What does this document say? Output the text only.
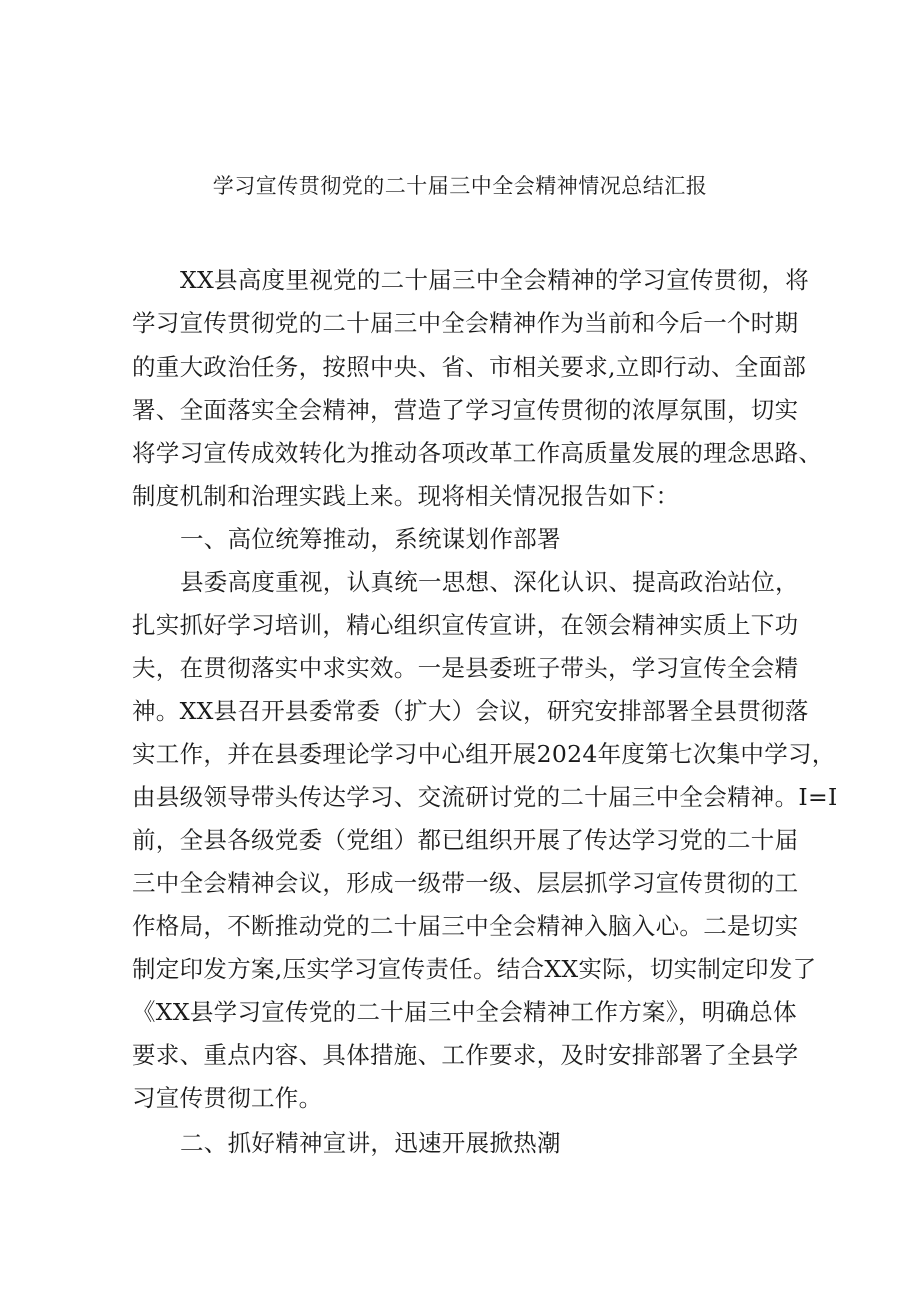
学习宣传贯彻党的二十届三中全会精神情况总结汇报
XX县高度里视党的二十届三中全会精神的学习宣传贯彻，将
学习宣传贯彻党的二十届三中全会精神作为当前和今后一个时期
的重大政治任务，按照中央、省、市相关要求,立即行动、全面部
署、全面落实全会精神，营造了学习宣传贯彻的浓厚氛围，切实
将学习宣传成效转化为推动各项改革工作高质量发展的理念思路、
制度机制和治理实践上来。现将相关情况报告如下：
一、高位统筹推动，系统谋划作部署
县委高度重视，认真统一思想、深化认识、提高政治站位，
扎实抓好学习培训，精心组织宣传宣讲，在领会精神实质上下功
夫，在贯彻落实中求实效。一是县委班子带头，学习宣传全会精
神。XX县召开县委常委（扩大）会议，研究安排部署全县贯彻落
实工作，并在县委理论学习中心组开展2024年度第七次集中学习，
由县级领导带头传达学习、交流研讨党的二十届三中全会精神。I=I
前，全县各级党委（党组）都已组织开展了传达学习党的二十届
三中全会精神会议，形成一级带一级、层层抓学习宣传贯彻的工
作格局，不断推动党的二十届三中全会精神入脑入心。二是切实
制定印发方案,压实学习宣传责任。结合XX实际，切实制定印发了
《XX县学习宣传党的二十届三中全会精神工作方案》，明确总体
要求、重点内容、具体措施、工作要求，及时安排部署了全县学
习宣传贯彻工作。
二、抓好精神宣讲，迅速开展掀热潮
